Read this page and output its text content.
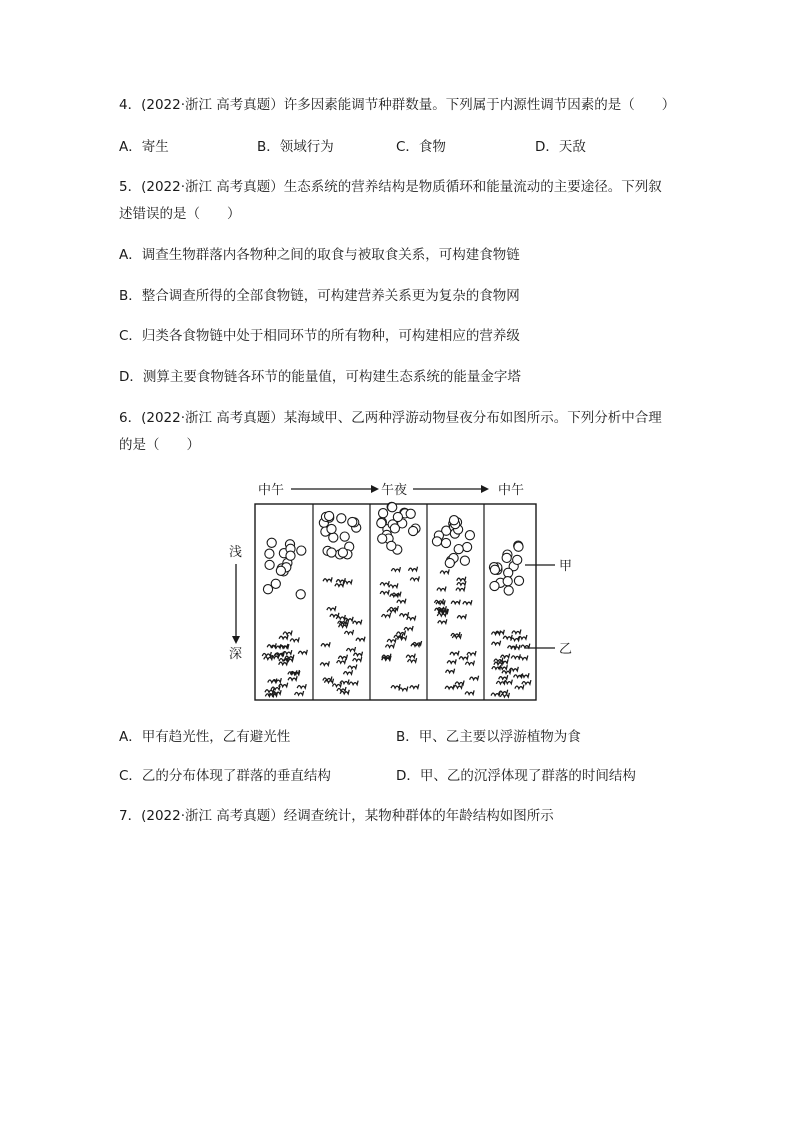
4．(2022·浙江 高考真题）许多因素能调节种群数量。下列属于内源性调节因素的是（　　）
A．寄生	B．领域行为	C．食物	D．天敌
5．(2022·浙江 高考真题）生态系统的营养结构是物质循环和能量流动的主要途径。下列叙
述错误的是（　　）
A．调查生物群落内各物种之间的取食与被取食关系，可构建食物链
B．整合调查所得的全部食物链，可构建营养关系更为复杂的食物网
C．归类各食物链中处于相同环节的所有物种，可构建相应的营养级
D．测算主要食物链各环节的能量值，可构建生态系统的能量金字塔
6．(2022·浙江 高考真题）某海域甲、乙两种浮游动物昼夜分布如图所示。下列分析中合理
的是（　　）
中午	午夜	中午
浅
深
甲
乙
A．甲有趋光性，乙有避光性	B．甲、乙主要以浮游植物为食
C．乙的分布体现了群落的垂直结构	D．甲、乙的沉浮体现了群落的时间结构
7．(2022·浙江 高考真题）经调查统计，某物种群体的年龄结构如图所示
